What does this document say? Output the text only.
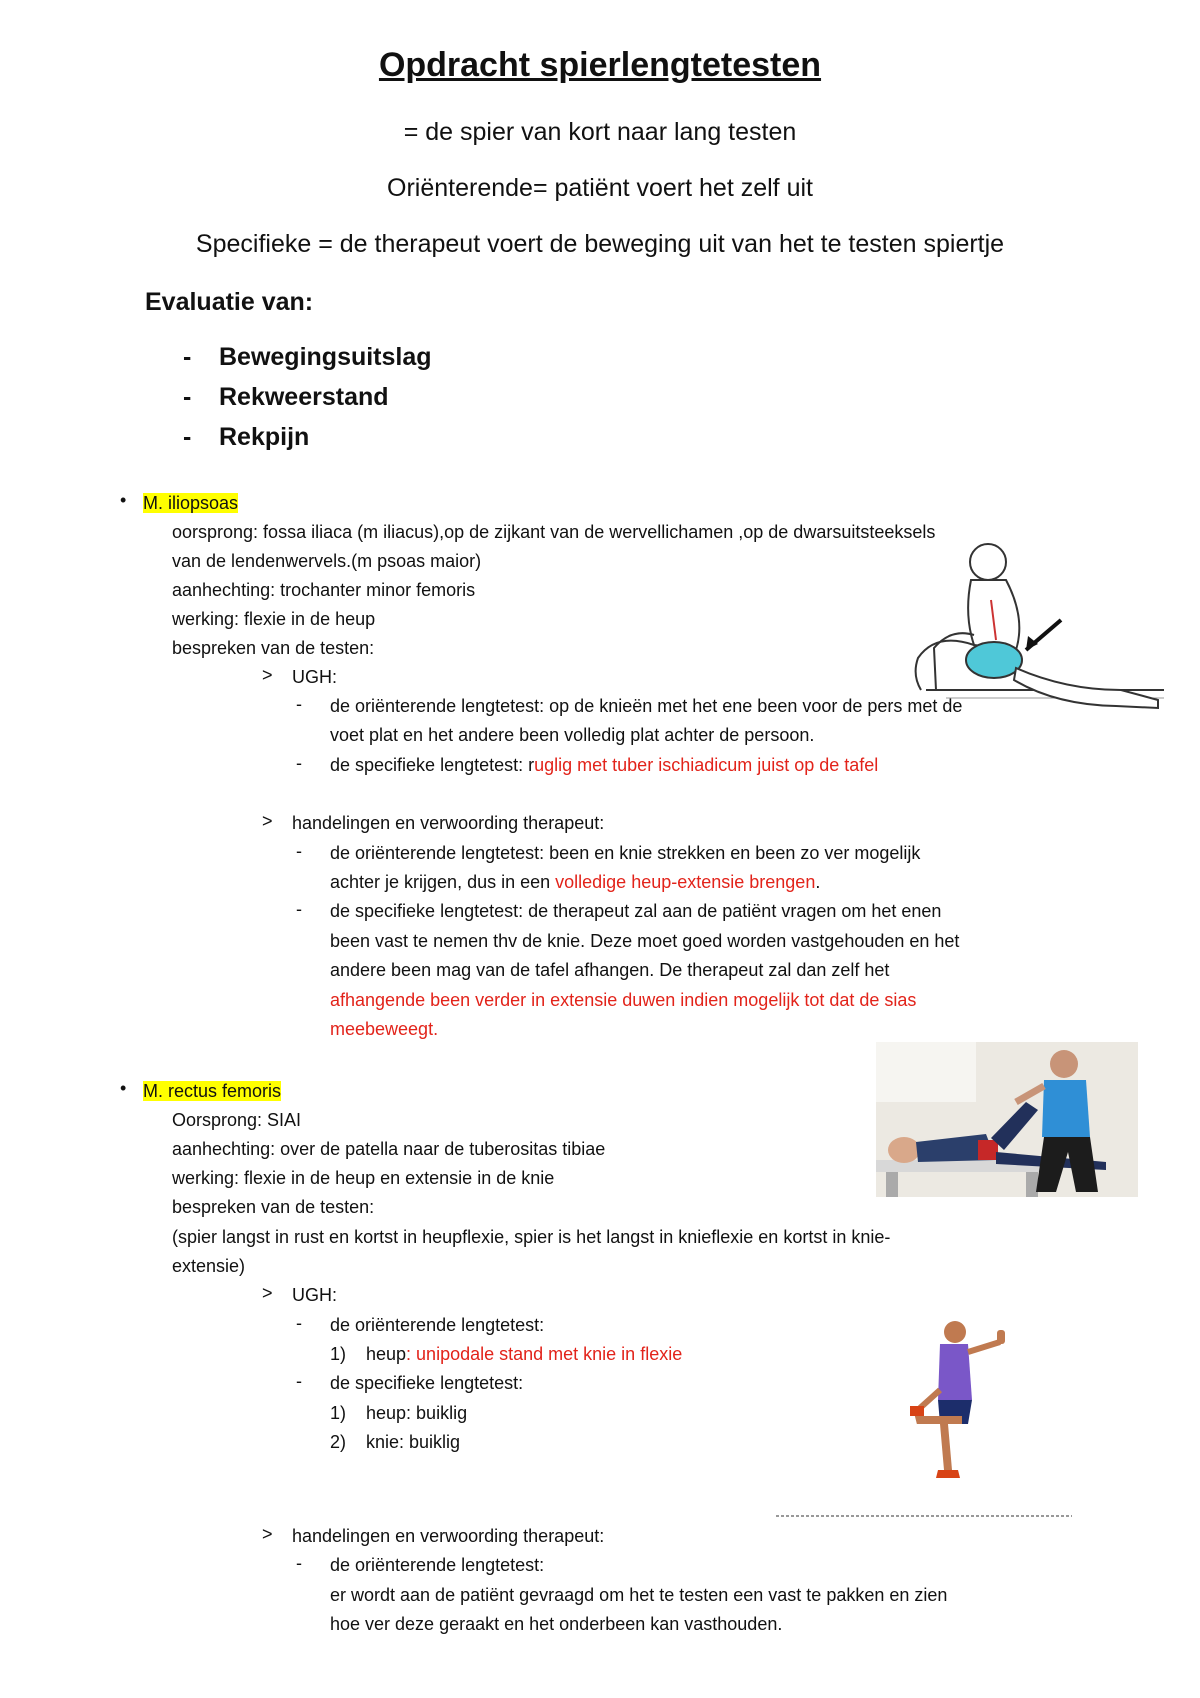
Opdracht spierlengtetesten
= de spier van kort naar lang testen
Oriënterende= patiënt voert het zelf uit
Specifieke = de therapeut voert de beweging uit van het te testen spiertje
Evaluatie van:
- Bewegingsuitslag
- Rekweerstand
- Rekpijn
• M. iliopsoas
oorsprong: fossa iliaca (m iliacus),op de zijkant van de wervellichamen ,op de dwarsuitsteeksels
van de lendenwervels.(m psoas maior)
aanhechting: trochanter minor femoris
werking: flexie in de heup
bespreken van de testen:
> UGH:
- de oriënterende lengtetest: op de knieën met het ene been voor de pers met de
voet plat en het andere been volledig plat achter de persoon.
- de specifieke lengtetest: ruglig met tuber ischiadicum juist op de tafel
> handelingen en verwoording therapeut:
- de oriënterende lengtetest: been en knie strekken en been zo ver mogelijk
achter je krijgen, dus in een volledige heup-extensie brengen.
- de specifieke lengtetest: de therapeut zal aan de patiënt vragen om het enen
been vast te nemen thv de knie. Deze moet goed worden vastgehouden en het
andere been mag van de tafel afhangen. De therapeut zal dan zelf het
afhangende been verder in extensie duwen indien mogelijk tot dat de sias
meebeweegt.
• M. rectus femoris
Oorsprong: SIAI
aanhechting: over de patella naar de tuberositas tibiae
werking: flexie in de heup en extensie in de knie
bespreken van de testen:
(spier langst in rust en kortst in heupflexie, spier is het langst in knieflexie en kortst in knie-
extensie)
> UGH:
- de oriënterende lengtetest:
1) heup: unipodale stand met knie in flexie
- de specifieke lengtetest:
1) heup: buiklig
2) knie: buiklig
> handelingen en verwoording therapeut:
- de oriënterende lengtetest:
er wordt aan de patiënt gevraagd om het te testen een vast te pakken en zien
hoe ver deze geraakt en het onderbeen kan vasthouden.
